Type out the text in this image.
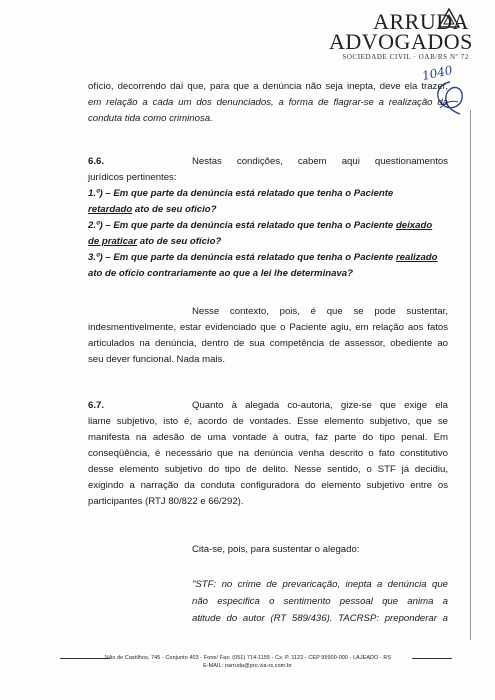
ARRUDA
ADVOGADOS
SOCIEDADE CIVIL · OAB/RS Nº 72
1040

ofício, decorrendo daí que, para que a denúncia não seja inepta, deve ela trazer,

em relação a cada um dos denunciados, a forma de flagrar-se a realização da

conduta tida como criminosa.

6.6.	Nestas condições, cabem aqui questionamentos

jurídicos pertinentes:

1.º) – Em que parte da denúncia está relatado que tenha o Paciente

retardado ato de seu ofício?

2.º) – Em que parte da denúncia está relatado que tenha o Paciente deixado

de praticar ato de seu ofício?

3.º) – Em que parte da denúncia está relatado que tenha o Paciente realizado

ato de ofício contrariamente ao que a lei lhe determinava?

Nesse contexto, pois, é que se pode sustentar,

indesmentivelmente, estar evidenciado que o Paciente agiu, em relação aos fatos

articulados na denúncia, dentro de sua competência de assessor, obediente ao

seu dever funcional. Nada mais.

6.7.	Quanto à alegada co-autoria, gize-se que exige ela

liame subjetivo, isto é, acordo de vontades. Esse elemento subjetivo, que se

manifesta na adesão de uma vontade à outra, faz parte do tipo penal. Em

conseqüência, é necessário que na denúncia venha descrito o fato constitutivo

desse elemento subjetivo do tipo de delito. Nesse sentido, o STF já decidiu,

exigindo a narração da conduta configuradora do elemento subjetivo entre os

participantes (RTJ 80/822 e 66/292).

Cita-se, pois, para sustentar o alegado:

"STF: no crime de prevaricação, inepta a denúncia que

não especifica o sentimento pessoal que anima a

atitude do autor (RT 589/436). TACRSP: preponderar a

Júlio de Castilhos, 745 - Conjunto 403 - Fone/ Fax: (051) 714-1155 - Cx. P. 1122 - CEP 95900-000 - LAJEADO - RS
E-MAIL: narruda@pro.via-rs.com.br
